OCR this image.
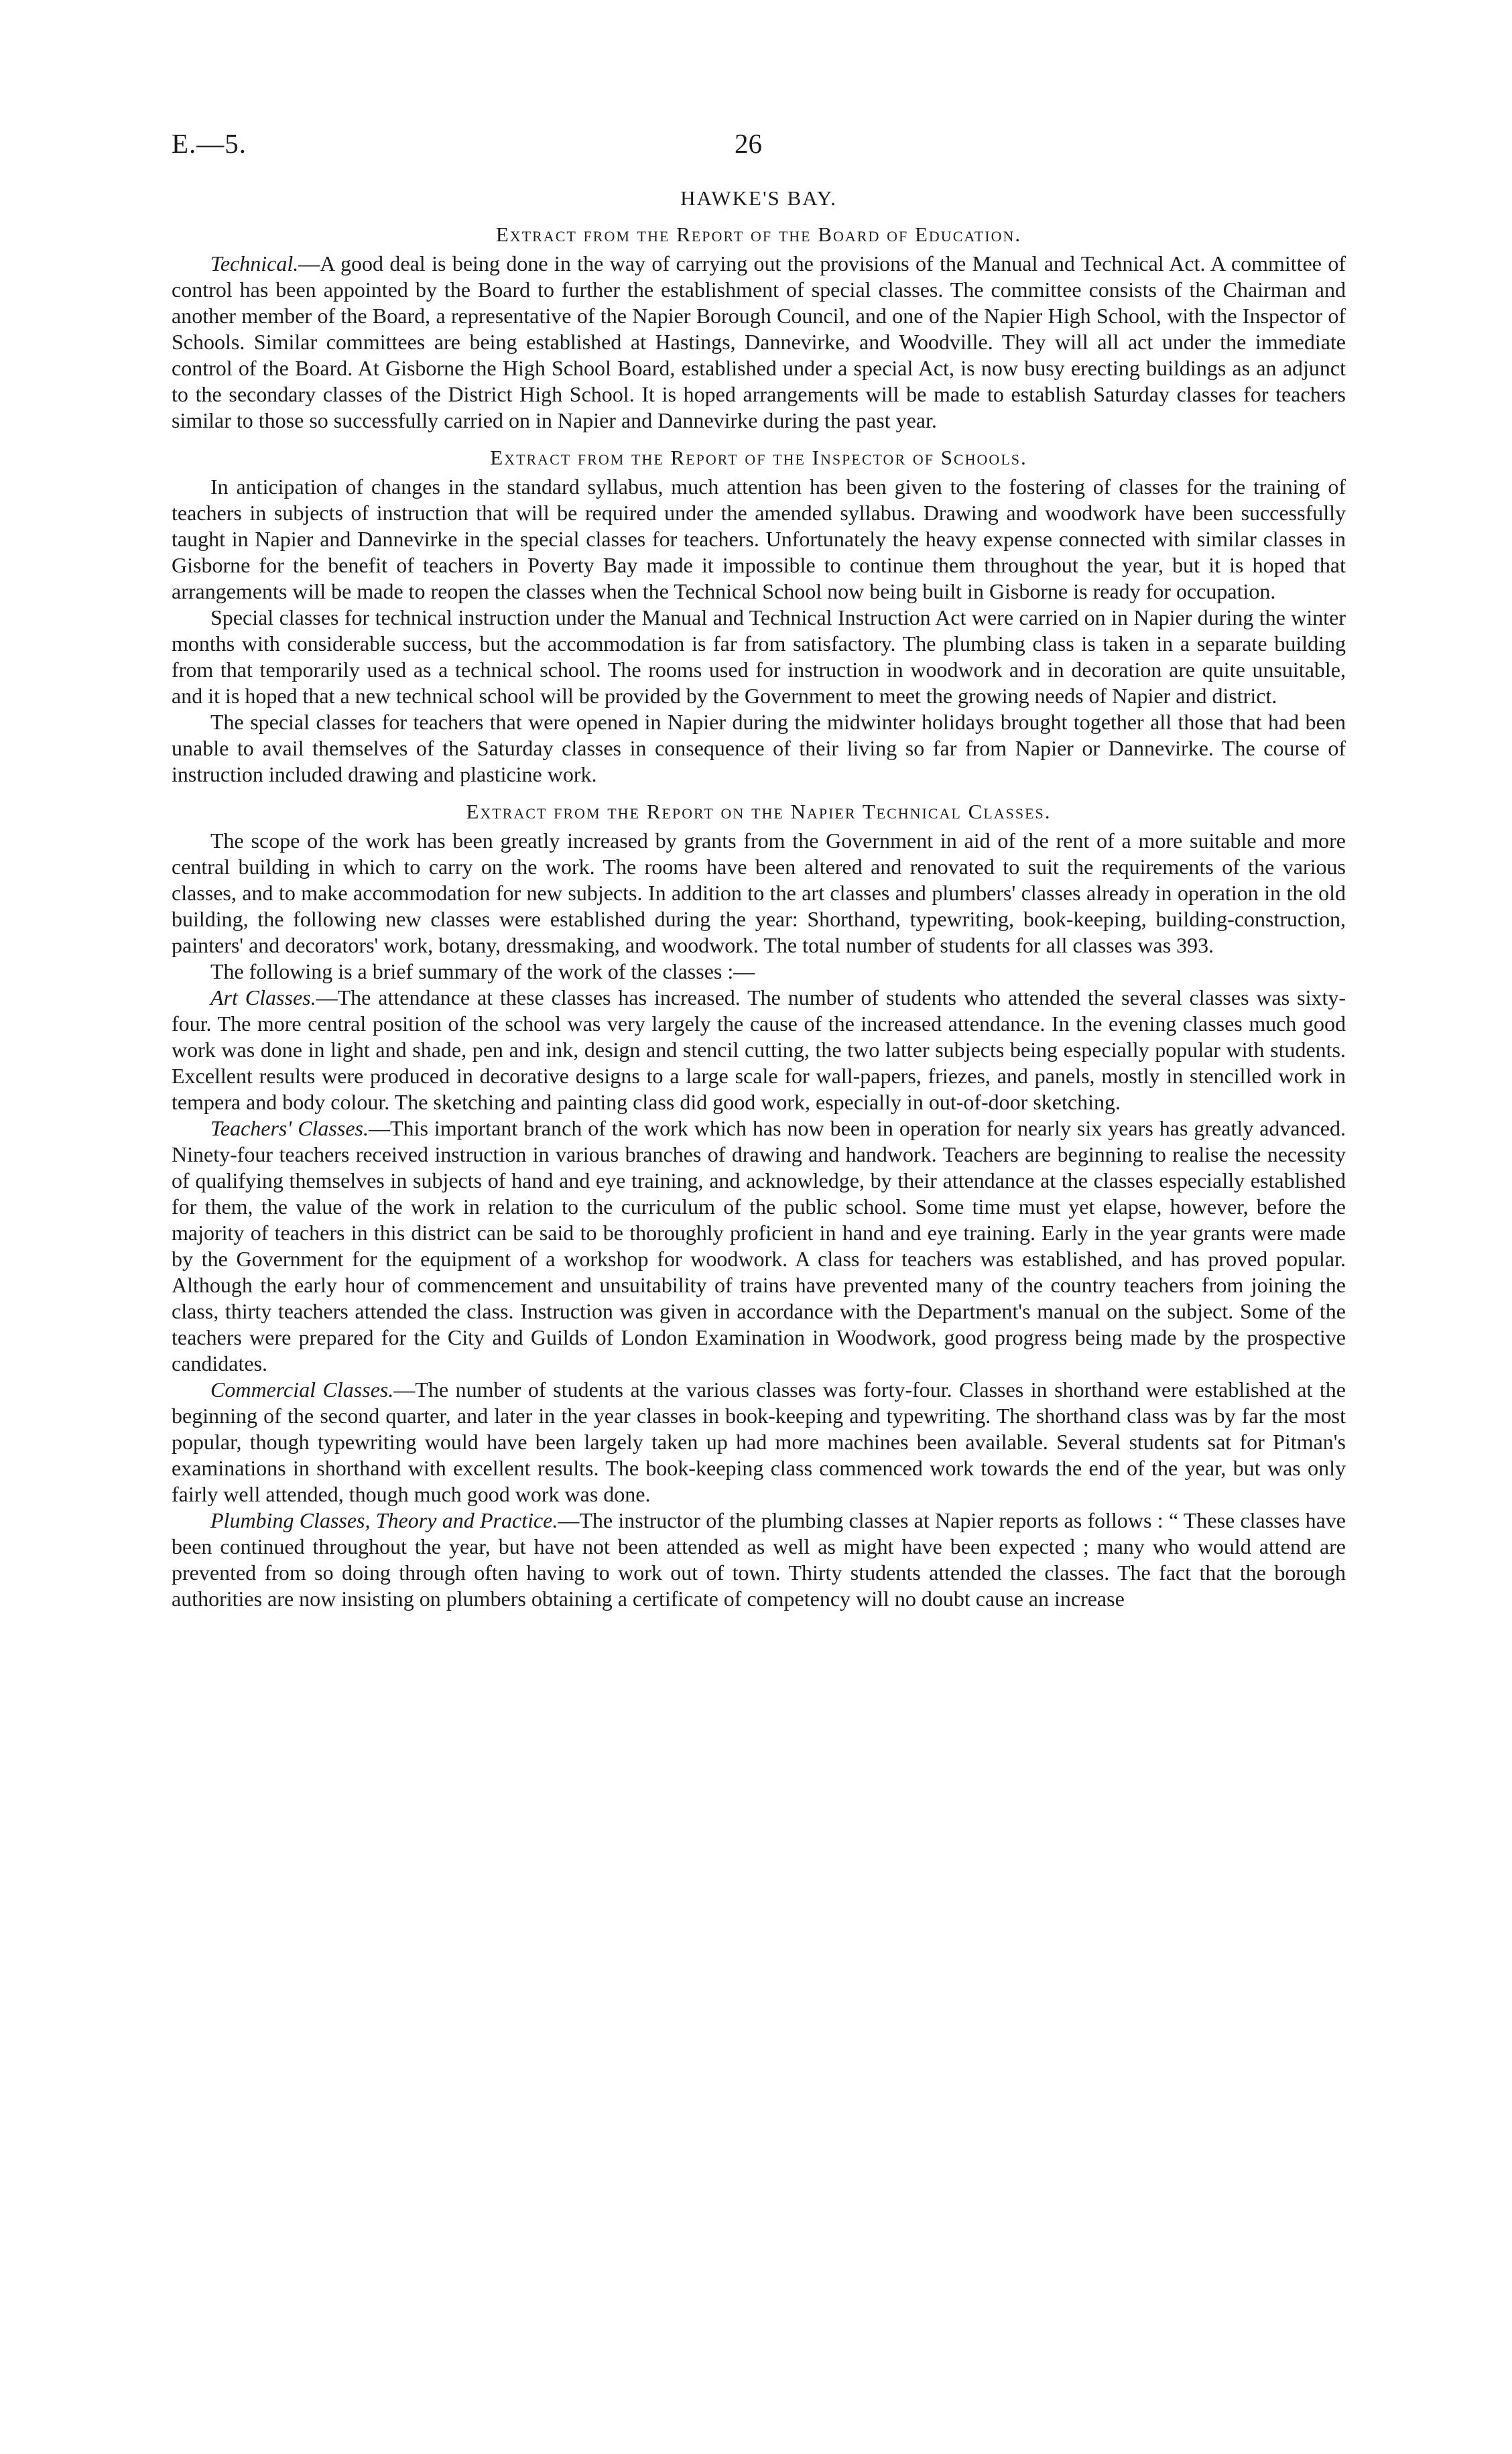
E.—5.	26
HAWKE'S BAY.
Extract from the Report of the Board of Education.

Technical.—A good deal is being done in the way of carrying out the provisions of the Manual and Technical Act. A committee of control has been appointed by the Board to further the establishment of special classes. The committee consists of the Chairman and another member of the Board, a representative of the Napier Borough Council, and one of the Napier High School, with the Inspector of Schools. Similar committees are being established at Hastings, Dannevirke, and Woodville. They will all act under the immediate control of the Board. At Gisborne the High School Board, established under a special Act, is now busy erecting buildings as an adjunct to the secondary classes of the District High School. It is hoped arrangements will be made to establish Saturday classes for teachers similar to those so successfully carried on in Napier and Dannevirke during the past year.

Extract from the Report of the Inspector of Schools.

In anticipation of changes in the standard syllabus, much attention has been given to the fostering of classes for the training of teachers in subjects of instruction that will be required under the amended syllabus. Drawing and woodwork have been successfully taught in Napier and Dannevirke in the special classes for teachers. Unfortunately the heavy expense connected with similar classes in Gisborne for the benefit of teachers in Poverty Bay made it impossible to continue them throughout the year, but it is hoped that arrangements will be made to reopen the classes when the Technical School now being built in Gisborne is ready for occupation.

Special classes for technical instruction under the Manual and Technical Instruction Act were carried on in Napier during the winter months with considerable success, but the accommodation is far from satisfactory. The plumbing class is taken in a separate building from that temporarily used as a technical school. The rooms used for instruction in woodwork and in decoration are quite unsuitable, and it is hoped that a new technical school will be provided by the Government to meet the growing needs of Napier and district.

The special classes for teachers that were opened in Napier during the midwinter holidays brought together all those that had been unable to avail themselves of the Saturday classes in consequence of their living so far from Napier or Dannevirke. The course of instruction included drawing and plasticine work.

Extract from the Report on the Napier Technical Classes.

The scope of the work has been greatly increased by grants from the Government in aid of the rent of a more suitable and more central building in which to carry on the work. The rooms have been altered and renovated to suit the requirements of the various classes, and to make accommodation for new subjects. In addition to the art classes and plumbers' classes already in operation in the old building, the following new classes were established during the year: Shorthand, typewriting, book-keeping, building-construction, painters' and decorators' work, botany, dressmaking, and woodwork. The total number of students for all classes was 393.

The following is a brief summary of the work of the classes :—

Art Classes.—The attendance at these classes has increased. The number of students who attended the several classes was sixty-four. The more central position of the school was very largely the cause of the increased attendance. In the evening classes much good work was done in light and shade, pen and ink, design and stencil cutting, the two latter subjects being especially popular with students. Excellent results were produced in decorative designs to a large scale for wall-papers, friezes, and panels, mostly in stencilled work in tempera and body colour. The sketching and painting class did good work, especially in out-of-door sketching.

Teachers' Classes.—This important branch of the work which has now been in operation for nearly six years has greatly advanced. Ninety-four teachers received instruction in various branches of drawing and handwork. Teachers are beginning to realise the necessity of qualifying themselves in subjects of hand and eye training, and acknowledge, by their attendance at the classes especially established for them, the value of the work in relation to the curriculum of the public school. Some time must yet elapse, however, before the majority of teachers in this district can be said to be thoroughly proficient in hand and eye training. Early in the year grants were made by the Government for the equipment of a workshop for woodwork. A class for teachers was established, and has proved popular. Although the early hour of commencement and unsuitability of trains have prevented many of the country teachers from joining the class, thirty teachers attended the class. Instruction was given in accordance with the Department's manual on the subject. Some of the teachers were prepared for the City and Guilds of London Examination in Woodwork, good progress being made by the prospective candidates.

Commercial Classes.—The number of students at the various classes was forty-four. Classes in shorthand were established at the beginning of the second quarter, and later in the year classes in book-keeping and typewriting. The shorthand class was by far the most popular, though typewriting would have been largely taken up had more machines been available. Several students sat for Pitman's examinations in shorthand with excellent results. The book-keeping class commenced work towards the end of the year, but was only fairly well attended, though much good work was done.

Plumbing Classes, Theory and Practice.—The instructor of the plumbing classes at Napier reports as follows : “ These classes have been continued throughout the year, but have not been attended as well as might have been expected ; many who would attend are prevented from so doing through often having to work out of town. Thirty students attended the classes. The fact that the borough authorities are now insisting on plumbers obtaining a certificate of competency will no doubt cause an increase
